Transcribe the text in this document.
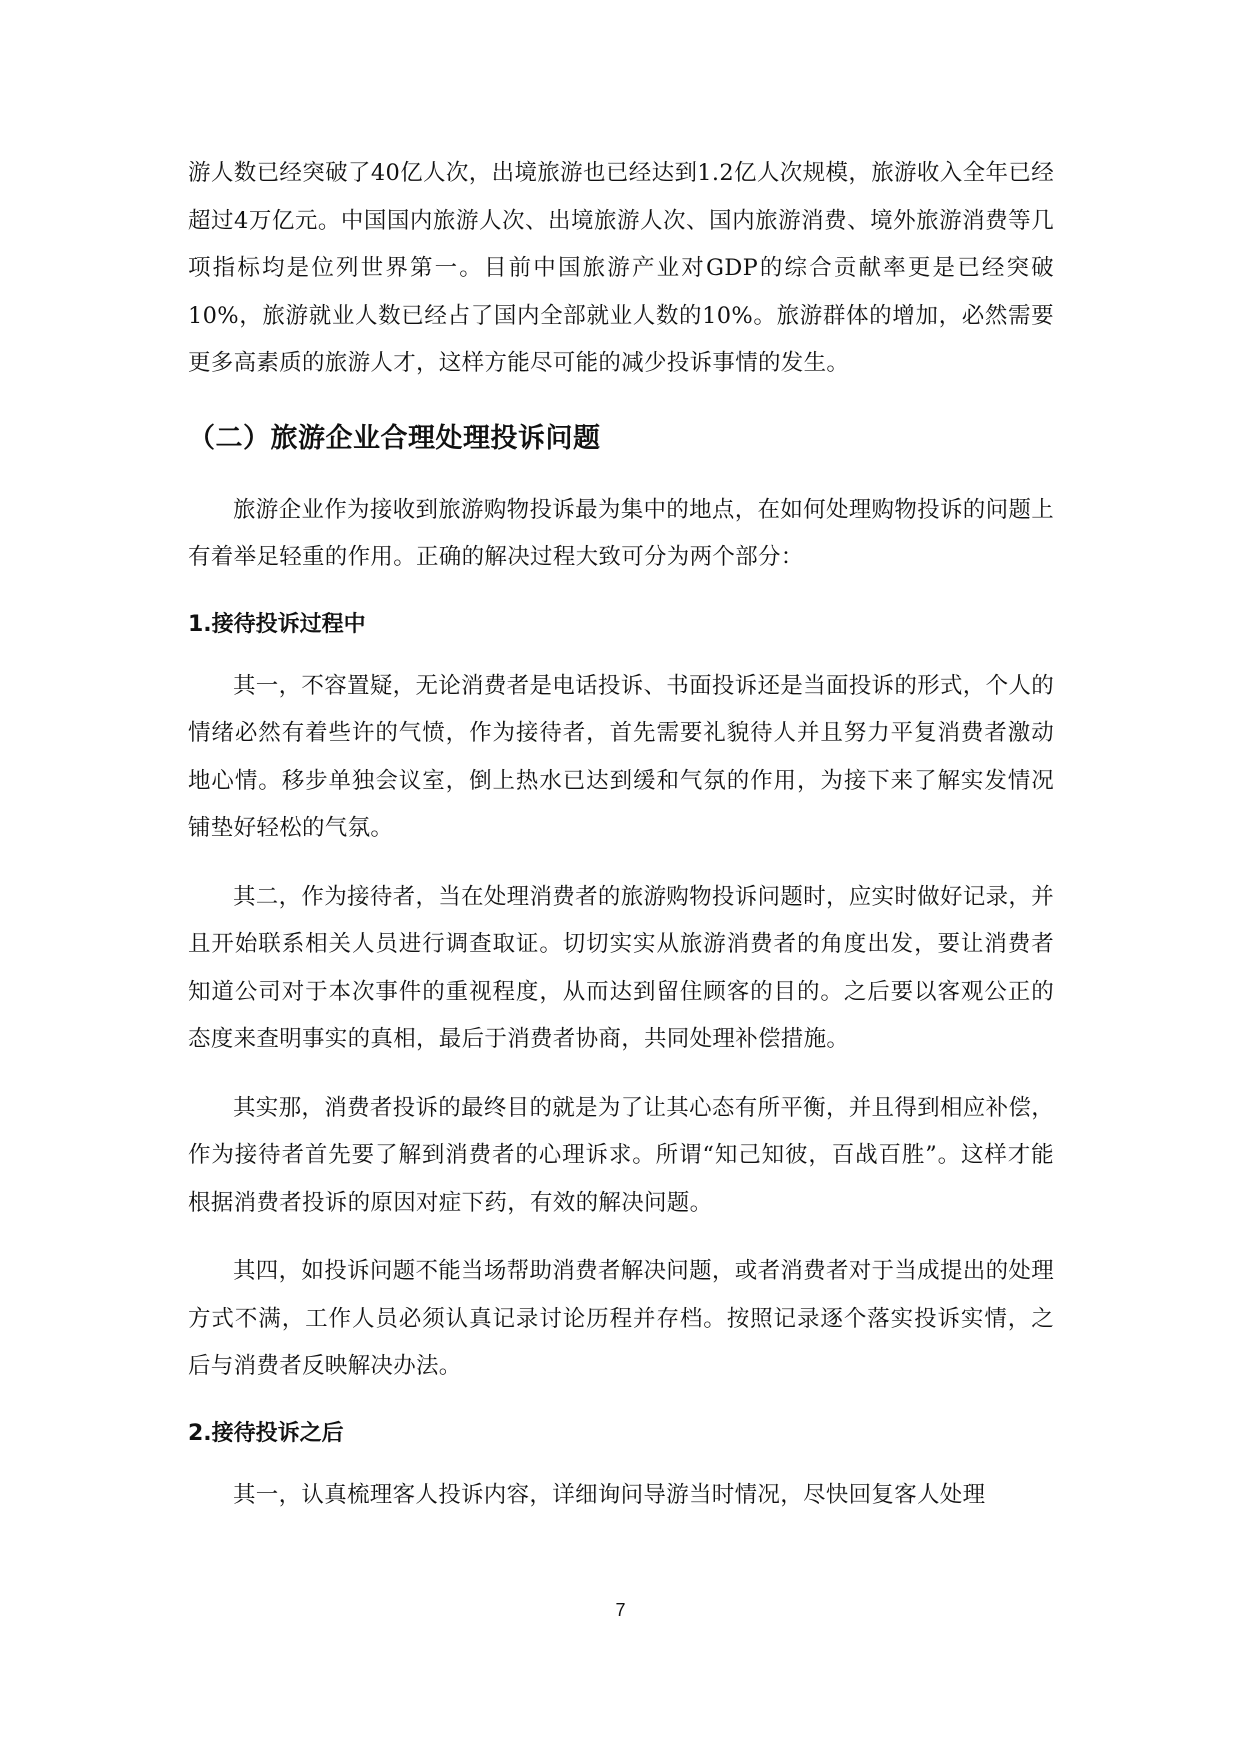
游人数已经突破了40亿人次，出境旅游也已经达到1.2亿人次规模，旅游收入全年已经超过4万亿元。中国国内旅游人次、出境旅游人次、国内旅游消费、境外旅游消费等几项指标均是位列世界第一。目前中国旅游产业对GDP的综合贡献率更是已经突破10%，旅游就业人数已经占了国内全部就业人数的10%。旅游群体的增加，必然需要更多高素质的旅游人才，这样方能尽可能的减少投诉事情的发生。

（二）旅游企业合理处理投诉问题

旅游企业作为接收到旅游购物投诉最为集中的地点，在如何处理购物投诉的问题上有着举足轻重的作用。正确的解决过程大致可分为两个部分：

1.接待投诉过程中

其一，不容置疑，无论消费者是电话投诉、书面投诉还是当面投诉的形式，个人的情绪必然有着些许的气愤，作为接待者，首先需要礼貌待人并且努力平复消费者激动地心情。移步单独会议室，倒上热水已达到缓和气氛的作用，为接下来了解实发情况铺垫好轻松的气氛。

其二，作为接待者，当在处理消费者的旅游购物投诉问题时，应实时做好记录，并且开始联系相关人员进行调查取证。切切实实从旅游消费者的角度出发，要让消费者知道公司对于本次事件的重视程度，从而达到留住顾客的目的。之后要以客观公正的态度来查明事实的真相，最后于消费者协商，共同处理补偿措施。

其实那，消费者投诉的最终目的就是为了让其心态有所平衡，并且得到相应补偿，作为接待者首先要了解到消费者的心理诉求。所谓“知己知彼，百战百胜”。这样才能根据消费者投诉的原因对症下药，有效的解决问题。

其四，如投诉问题不能当场帮助消费者解决问题，或者消费者对于当成提出的处理方式不满，工作人员必须认真记录讨论历程并存档。按照记录逐个落实投诉实情，之后与消费者反映解决办法。

2.接待投诉之后

其一，认真梳理客人投诉内容，详细询问导游当时情况，尽快回复客人处理

7
